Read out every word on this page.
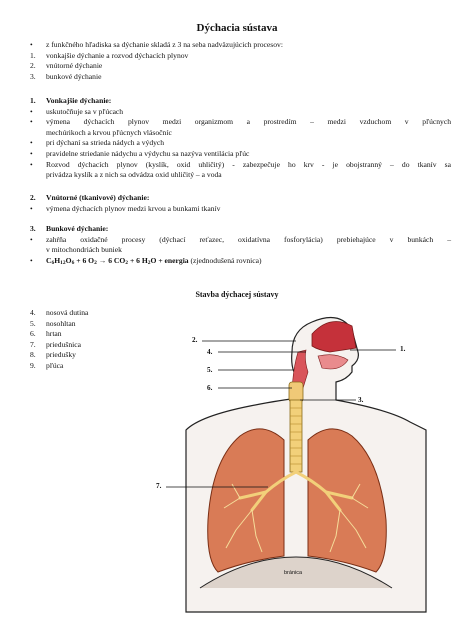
Dýchacia sústava
• z funkčného hľadiska sa dýchanie skladá z 3 na seba nadväzujúcich procesov:
1. vonkajšie dýchanie a rozvod dýchacích plynov
2. vnútorné dýchanie
3. bunkové dýchanie
1. Vonkajšie dýchanie:
• uskutočňuje sa v pľúcach
• výmena dýchacích plynov medzi organizmom a prostredím – medzi vzduchom v pľúcnych
mechúrikoch a krvou pľúcnych vlásočníc
• pri dýchaní sa strieda nádych a výdych
• pravidelne striedanie nádychu a výdychu sa nazýva ventilácia pľúc
• Rozvod dýchacích plynov (kyslík, oxid uhličitý) - zabezpečuje ho krv - je obojstranný – do tkanív sa
privádza kyslík a z nich sa odvádza oxid uhličitý – a voda
2. Vnútorné (tkanivové) dýchanie:
• výmena dýchacích plynov medzi krvou a bunkami tkanív
3. Bunkové dýchanie:
• zahŕňa oxidačné procesy (dýchací reťazec, oxidatívna fosforylácia) prebiehajúce v bunkách –
v mitochondriách buniek
• C6H12O6 + 6 O2 → 6 CO2 + 6 H2O + energia (zjednodušená rovnica)
Stavba dýchacej sústavy
4. nosová dutina
5. nosohltan
6. hrtan
7. priedušnica
8. priedušky
9. pľúca
1.
2.
3.
4.
5.
6.
7.
bránica
